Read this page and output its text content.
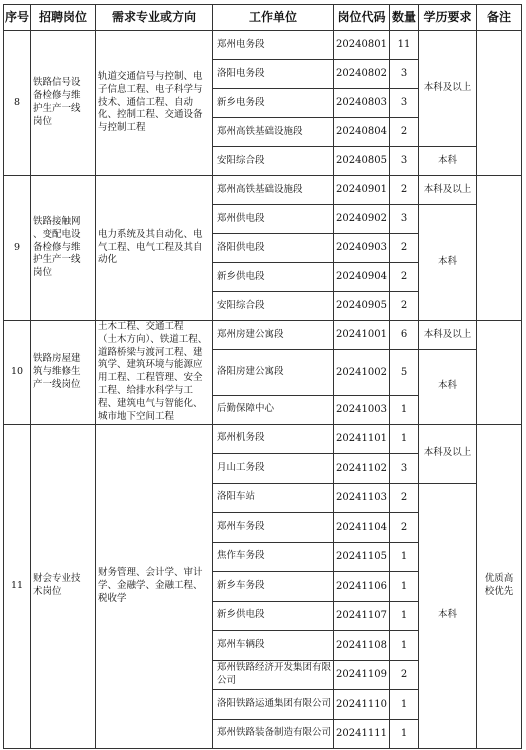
序号	招聘岗位	需求专业或方向	工作单位	岗位代码	数量	学历要求	备注
8	铁路信号设
备检修与维
护生产一线
岗位	轨道交通信号与控制、电子信息工程、电子科学与技术、通信工程、自动化、控制工程、交通设备与控制工程	郑州电务段	20240801	11	本科及以上	
			洛阳电务段	20240802	3		
			新乡电务段	20240803	3		
			郑州高铁基础设施段	20240804	2		
			安阳综合段	20240805	3	本科	
9	铁路接触网
、变配电设
备检修与维
护生产一线
岗位	电力系统及其自动化、电气工程、电气工程及其自动化	郑州高铁基础设施段	20240901	2	本科及以上	
			郑州供电段	20240902	3	本科	
			洛阳供电段	20240903	2		
			新乡供电段	20240904	2		
			安阳综合段	20240905	2		
10	铁路房屋建
筑与维修生
产一线岗位	土木工程、交通工程
（土木方向）、铁道工程、道路桥梁与渡河工程、建筑学、建筑环境与能源应用工程、工程管理、安全工程、给排水科学与工程、建筑电气与智能化、城市地下空间工程	郑州房建公寓段	20241001	6	本科及以上	
			洛阳房建公寓段	20241002	5	本科	
			后勤保障中心	20241003	1		
11	财会专业技
术岗位	财务管理、会计学、审计学、金融学、金融工程、税收学	郑州机务段	20241101	1	本科及以上	优质高
校优先
			月山工务段	20241102	3		
			洛阳车站	20241103	2	本科	
			郑州车务段	20241104	2		
			焦作车务段	20241105	1		
			新乡车务段	20241106	1		
			新乡供电段	20241107	1		
			郑州车辆段	20241108	1		
			郑州铁路经济开发集团有限公司	20241109	2		
			洛阳铁路运通集团有限公司	20241110	1		
			郑州铁路装备制造有限公司	20241111	1		
